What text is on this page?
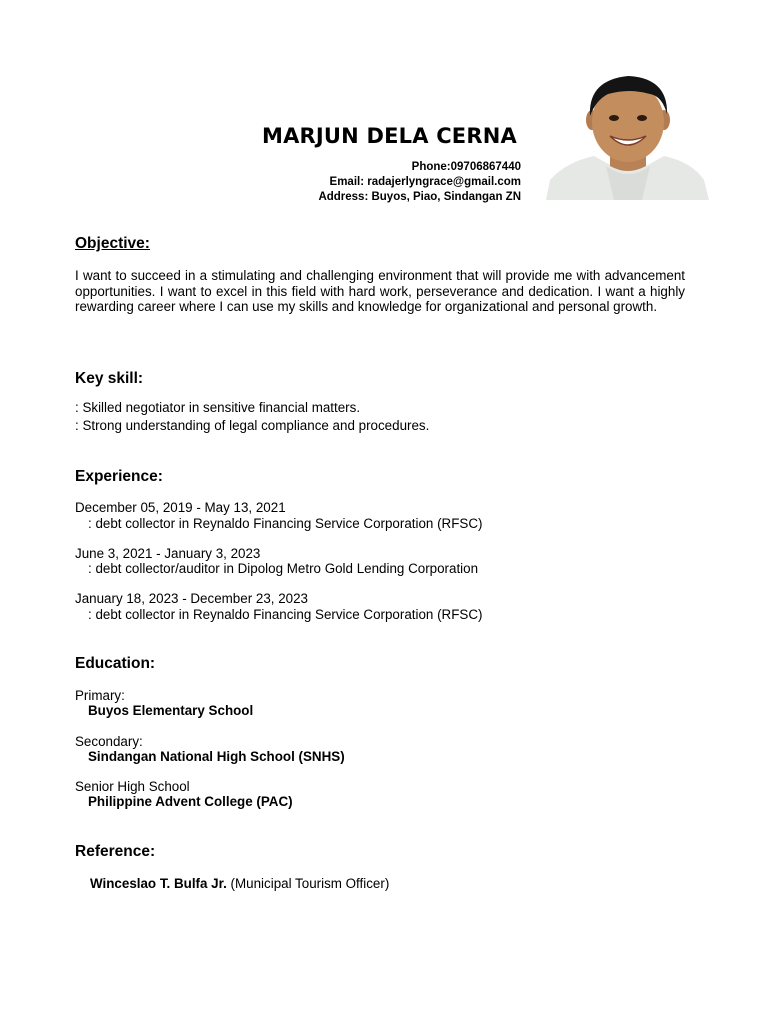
MARJUN DELA CERNA
Phone:09706867440
Email: radajerlyngrace@gmail.com
Address: Buyos, Piao, Sindangan ZN
Objective:
I want to succeed in a stimulating and challenging environment that will provide me with advancement opportunities. I want to excel in this field with hard work, perseverance and dedication. I want a highly rewarding career where I can use my skills and knowledge for organizational and personal growth.
Key skill:
: Skilled negotiator in sensitive financial matters.
: Strong understanding of legal compliance and procedures.
Experience:
December 05, 2019 - May 13, 2021
: debt collector in Reynaldo Financing Service Corporation (RFSC)
June 3, 2021 - January 3, 2023
: debt collector/auditor in Dipolog Metro Gold Lending Corporation
January 18, 2023 - December 23, 2023
: debt collector in Reynaldo Financing Service Corporation (RFSC)
Education:
Primary:
Buyos Elementary School
Secondary:
Sindangan National High School (SNHS)
Senior High School
Philippine Advent College (PAC)
Reference:
Winceslao T. Bulfa Jr. (Municipal Tourism Officer)
